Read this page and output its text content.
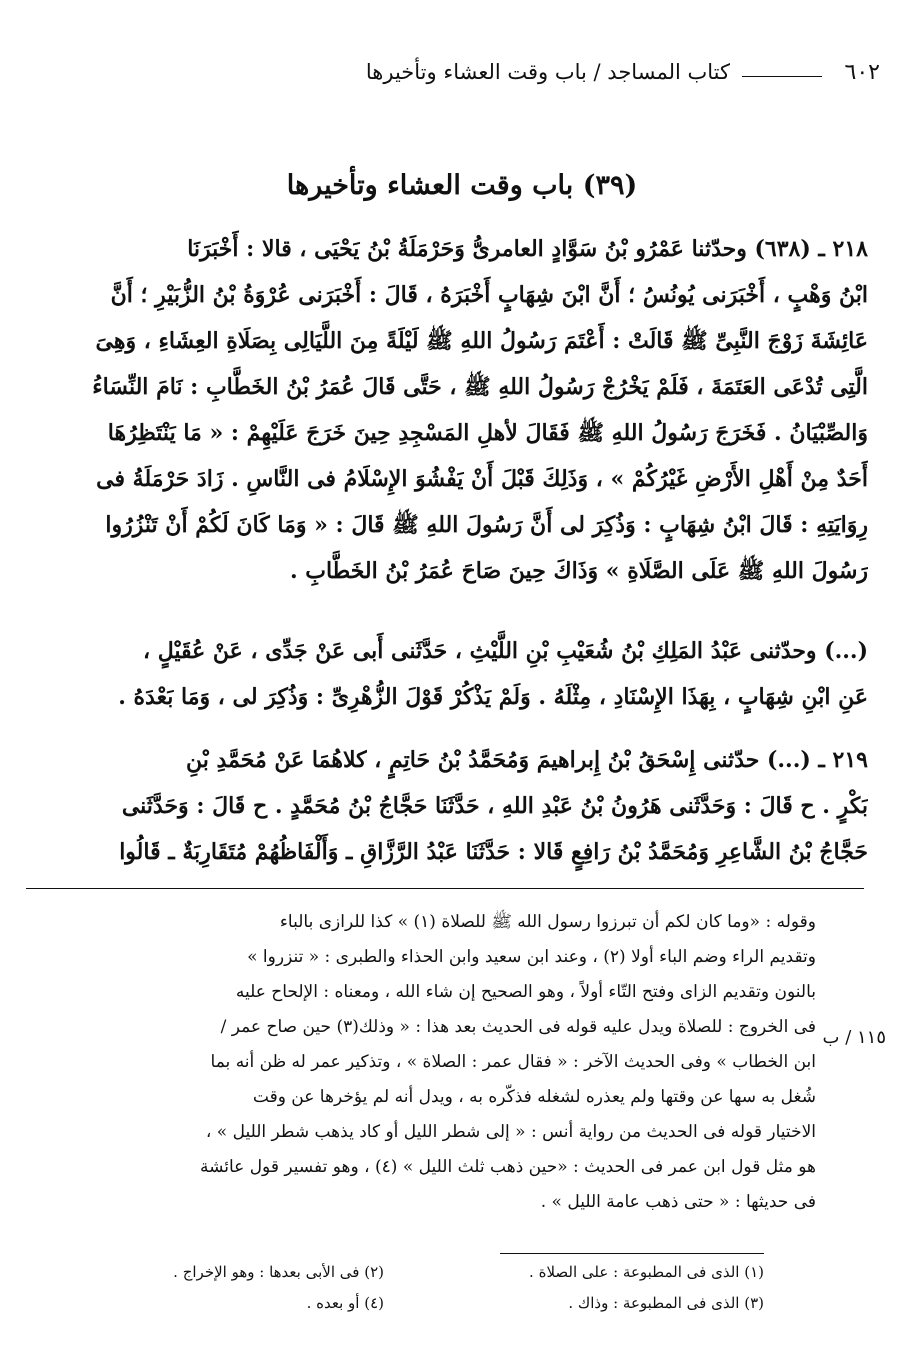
كتاب المساجد / باب وقت العشاء وتأخيرها	٦٠٢
(٣٩) باب وقت العشاء وتأخيرها
٢١٨ ـ (٦٣٨) وحدّثنا عَمْرُو بْنُ سَوَّادٍ العامرىُّ وَحَرْمَلَةُ بْنُ يَحْيَى ، قالا : أَخْبَرَنَا
ابْنُ وَهْبٍ ، أَخْبَرَنى يُونُسُ ؛ أَنَّ ابْنَ شِهَابٍ أَخْبَرَهُ ، قَالَ : أَخْبَرَنى عُرْوَةُ بْنُ الزُّبَيْرِ ؛ أَنَّ
عَائِشَةَ زَوْجَ النَّبِىِّ ﷺ قَالَتْ : أَعْتَمَ رَسُولُ اللهِ ﷺ لَيْلَةً مِنَ اللَّيَالِى بِصَلَاةِ العِشَاءِ ، وَهِىَ
الَّتِى تُدْعَى العَتَمَةَ ، فَلَمْ يَخْرُجْ رَسُولُ اللهِ ﷺ ، حَتَّى قَالَ عُمَرُ بْنُ الخَطَّابِ : نَامَ النِّسَاءُ
وَالصِّبْيَانُ . فَخَرَجَ رَسُولُ اللهِ ﷺ فَقَالَ لأهلِ المَسْجِدِ حِينَ خَرَجَ عَلَيْهِمْ : « مَا يَنْتَظِرُهَا
أَحَدٌ مِنْ أَهْلِ الأَرْضِ غَيْرُكُمْ » ، وَذَلِكَ قَبْلَ أَنْ يَفْشُوَ الإِسْلَامُ فى النَّاسِ . زَادَ حَرْمَلَةُ فى
رِوَايَتِهِ : قَالَ ابْنُ شِهَابٍ : وَذُكِرَ لى أَنَّ رَسُولَ اللهِ ﷺ قَالَ : « وَمَا كَانَ لَكُمْ أَنْ تَنْزُرُوا
رَسُولَ اللهِ ﷺ عَلَى الصَّلَاةِ » وَذَاكَ حِينَ صَاحَ عُمَرُ بْنُ الخَطَّابِ .
(...) وحدّثنى عَبْدُ المَلِكِ بْنُ شُعَيْبِ بْنِ اللَّيْثِ ، حَدَّثَنى أَبى عَنْ جَدِّى ، عَنْ عُقَيْلٍ ،
عَنِ ابْنِ شِهَابٍ ، بِهَذَا الإِسْنَادِ ، مِثْلَهُ . وَلَمْ يَذْكُرْ قَوْلَ الزُّهْرِىِّ : وَذُكِرَ لى ، وَمَا بَعْدَهُ .
٢١٩ ـ (...) حدّثنى إِسْحَقُ بْنُ إِبراهيمَ وَمُحَمَّدُ بْنُ حَاتِمٍ ، كلاهُمَا عَنْ مُحَمَّدِ بْنِ
بَكْرٍ . ح قَالَ : وَحَدَّثَنى هَرُونُ بْنُ عَبْدِ اللهِ ، حَدَّثَنَا حَجَّاجُ بْنُ مُحَمَّدٍ . ح قَالَ : وَحَدَّثَنى
حَجَّاجُ بْنُ الشَّاعِرِ وَمُحَمَّدُ بْنُ رَافِعٍ قَالا : حَدَّثَنَا عَبْدُ الرَّزَّاقِ ـ وَأَلْفَاظُهُمْ مُتَقَارِبَةٌ ـ قَالُوا
وقوله : «وما كان لكم أن تبرزوا رسول الله ﷺ للصلاة (١) » كذا للرازى بالباء
وتقديم الراء وضم الباء أولا (٢) ، وعند ابن سعيد وابن الحذاء والطبرى : « تنزروا »
بالنون وتقديم الزاى وفتح التّاء أولاً ، وهو الصحيح إن شاء الله ، ومعناه : الإلحاح عليه
فى الخروج : للصلاة ويدل عليه قوله فى الحديث بعد هذا : « وذلك(٣) حين صاح عمر /
ابن الخطاب » وفى الحديث الآخر : « فقال عمر : الصلاة » ، وتذكير عمر له ظن أنه بما
شُغل به سها عن وقتها ولم يعذره لشغله فذكّره به ، ويدل أنه لم يؤخرها عن وقت
الاختيار قوله فى الحديث من رواية أنس : « إلى شطر الليل أو كاد يذهب شطر الليل » ،
هو مثل قول ابن عمر فى الحديث : «حين ذهب ثلث الليل » (٤) ، وهو تفسير قول عائشة
فى حديثها : « حتى ذهب عامة الليل » .
١١٥ / ب
(١) الذى فى المطبوعة : على الصلاة .
(٢) فى الأبى بعدها : وهو الإخراج .
(٣) الذى فى المطبوعة : وذاك .
(٤) أو بعده .
